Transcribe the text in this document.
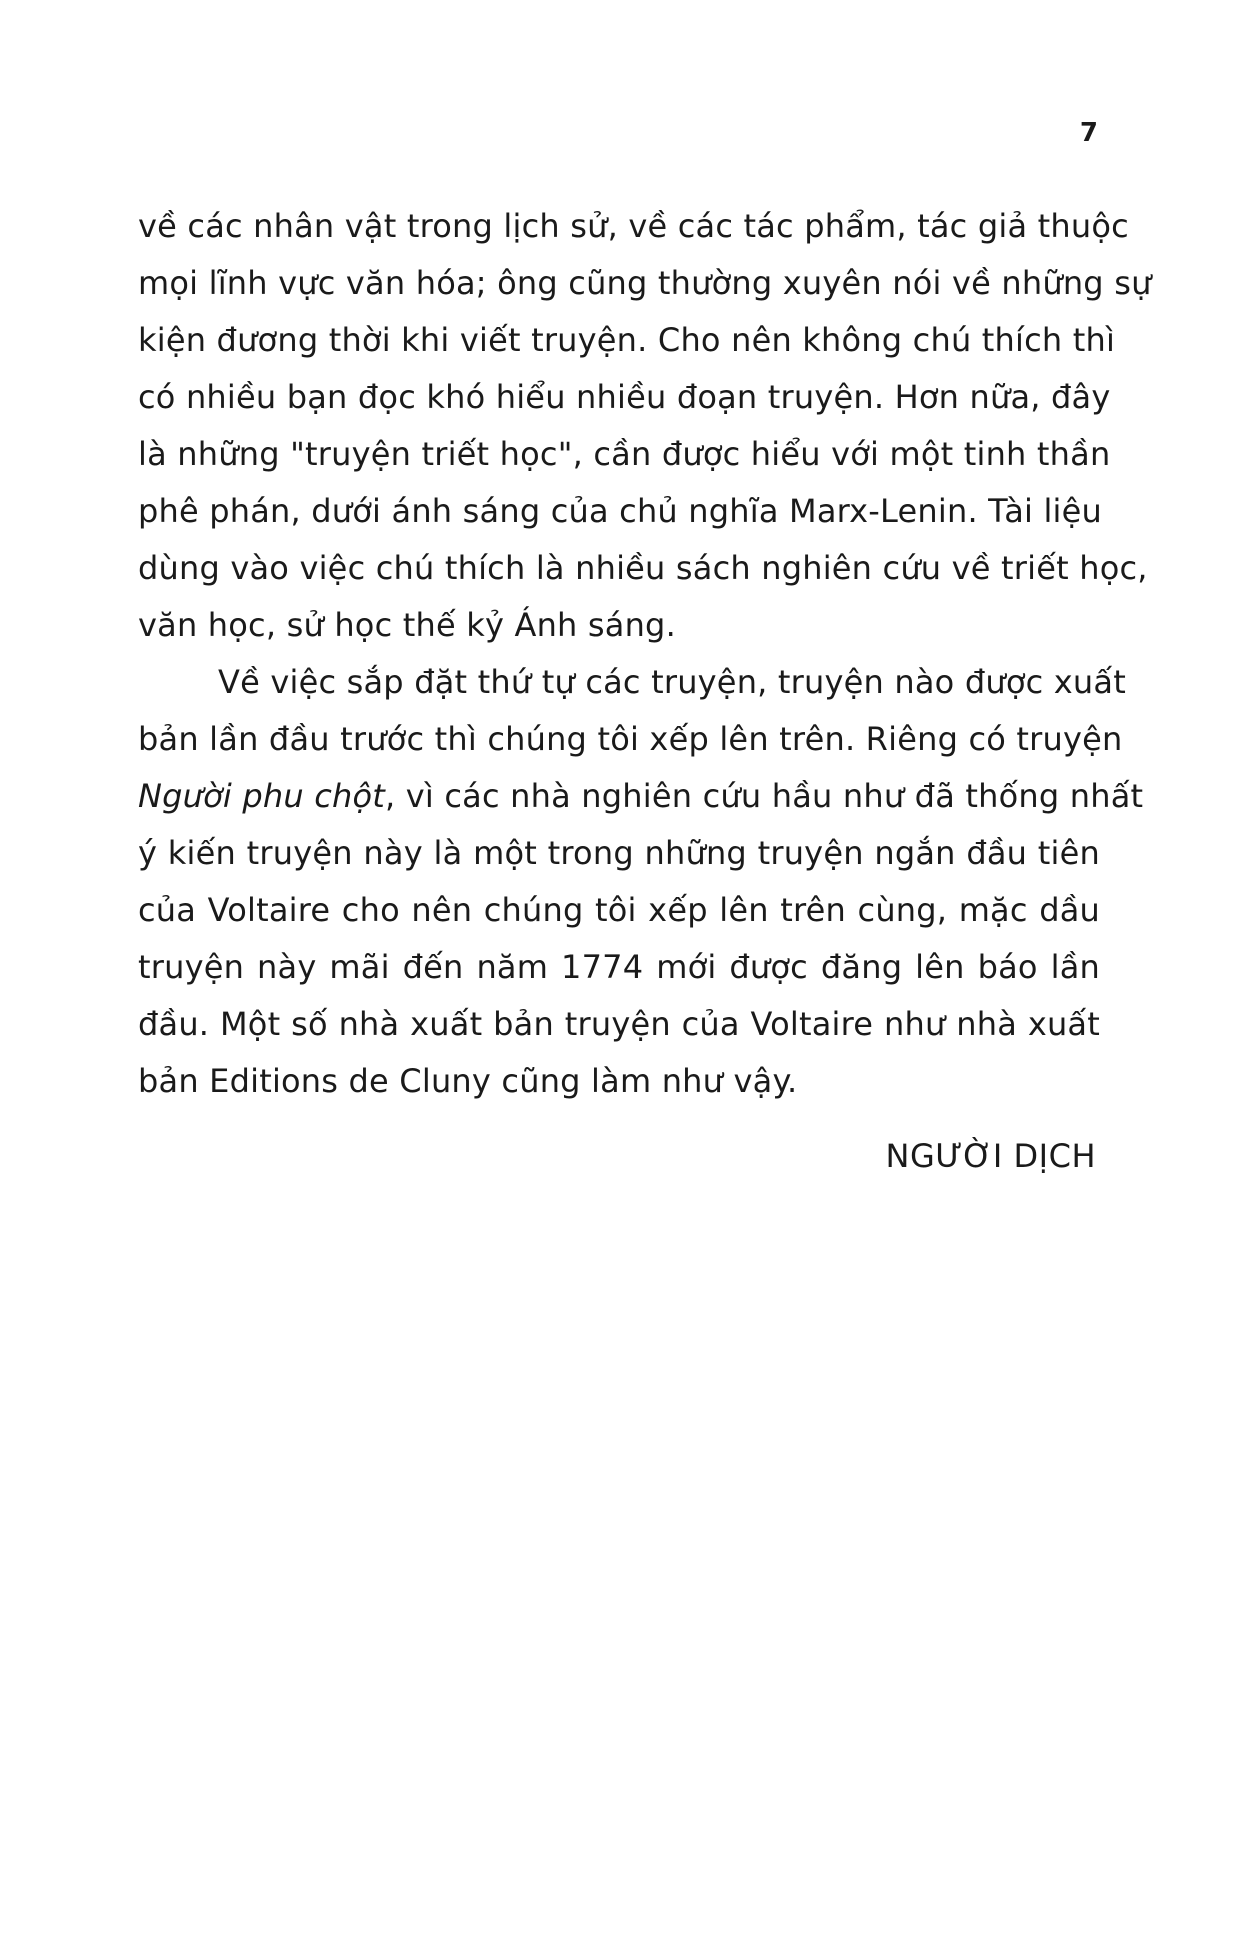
7
về các nhân vật trong lịch sử, về các tác phẩm, tác giả thuộc
mọi lĩnh vực văn hóa; ông cũng thường xuyên nói về những sự
kiện đương thời khi viết truyện. Cho nên không chú thích thì
có nhiều bạn đọc khó hiểu nhiều đoạn truyện. Hơn nữa, đây
là những "truyện triết học", cần được hiểu với một tinh thần
phê phán, dưới ánh sáng của chủ nghĩa Marx-Lenin. Tài liệu
dùng vào việc chú thích là nhiều sách nghiên cứu về triết học,
văn học, sử học thế kỷ Ánh sáng.
Về việc sắp đặt thứ tự các truyện, truyện nào được xuất
bản lần đầu trước thì chúng tôi xếp lên trên. Riêng có truyện
Người phu chột, vì các nhà nghiên cứu hầu như đã thống nhất
ý kiến truyện này là một trong những truyện ngắn đầu tiên
của Voltaire cho nên chúng tôi xếp lên trên cùng, mặc dầu
truyện này mãi đến năm 1774 mới được đăng lên báo lần
đầu. Một số nhà xuất bản truyện của Voltaire như nhà xuất
bản Editions de Cluny cũng làm như vậy.
NGƯỜI DỊCH
